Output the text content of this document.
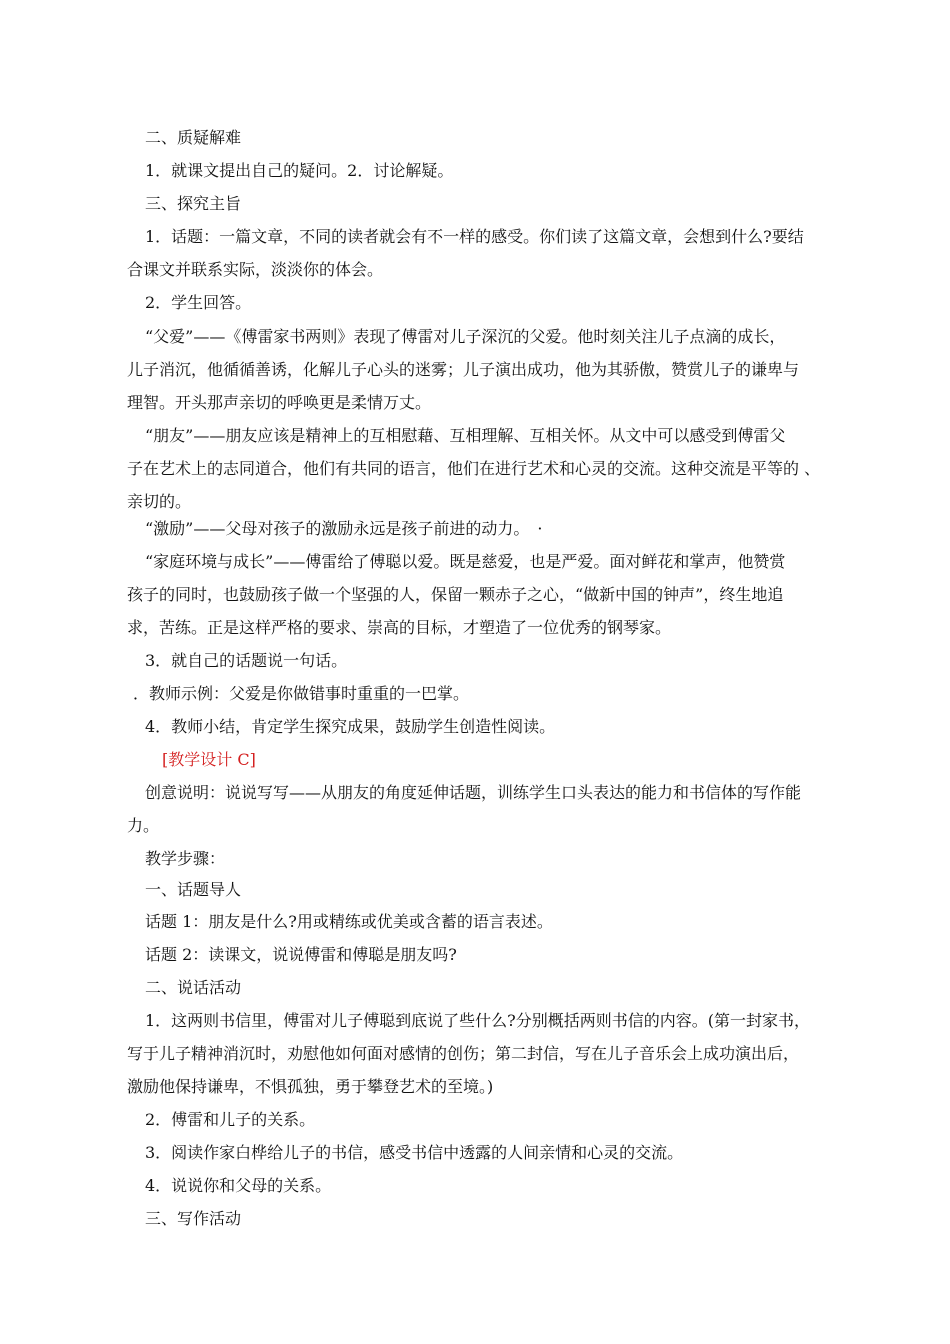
二、质疑解难
1．就课文提出自己的疑问。2．讨论解疑。
三、探究主旨
1．话题：一篇文章，不同的读者就会有不一样的感受。你们读了这篇文章，会想到什么?要结
合课文并联系实际，淡淡你的体会。
2．学生回答。
“父爱”——《傅雷家书两则》表现了傅雷对儿子深沉的父爱。他时刻关注儿子点滴的成长，
儿子消沉，他循循善诱，化解儿子心头的迷雾；儿子演出成功，他为其骄傲，赞赏儿子的谦卑与
理智。开头那声亲切的呼唤更是柔情万丈。
“朋友”——朋友应该是精神上的互相慰藉、互相理解、互相关怀。从文中可以感受到傅雷父
子在艺术上的志同道合，他们有共同的语言，他们在进行艺术和心灵的交流。这种交流是平等的 、
亲切的。
“激励”——父母对孩子的激励永远是孩子前进的动力。　·
“家庭环境与成长”——傅雷给了傅聪以爱。既是慈爱，也是严爱。面对鲜花和掌声，他赞赏
孩子的同时，也鼓励孩子做一个坚强的人，保留一颗赤子之心，“做新中国的钟声”，终生地追
求，苦练。正是这样严格的要求、崇高的目标，才塑造了一位优秀的钢琴家。
3．就自己的话题说一句话。
．教师示例：父爱是你做错事时重重的一巴掌。
4．教师小结，肯定学生探究成果，鼓励学生创造性阅读。
[教学设计 C]
创意说明：说说写写——从朋友的角度延伸话题，训练学生口头表达的能力和书信体的写作能
力。
教学步骤：
一、话题导人
话题 1：朋友是什么?用或精练或优美或含蓄的语言表述。
话题 2：读课文，说说傅雷和傅聪是朋友吗?
二、说话活动
1．这两则书信里，傅雷对儿子傅聪到底说了些什么?分别概括两则书信的内容。(第一封家书，
写于儿子精神消沉时，劝慰他如何面对感情的创伤；第二封信，写在儿子音乐会上成功演出后，
激励他保持谦卑，不惧孤独，勇于攀登艺术的至境。)
2．傅雷和儿子的关系。
3．阅读作家白桦给儿子的书信，感受书信中透露的人间亲情和心灵的交流。
4．说说你和父母的关系。
三、写作活动
